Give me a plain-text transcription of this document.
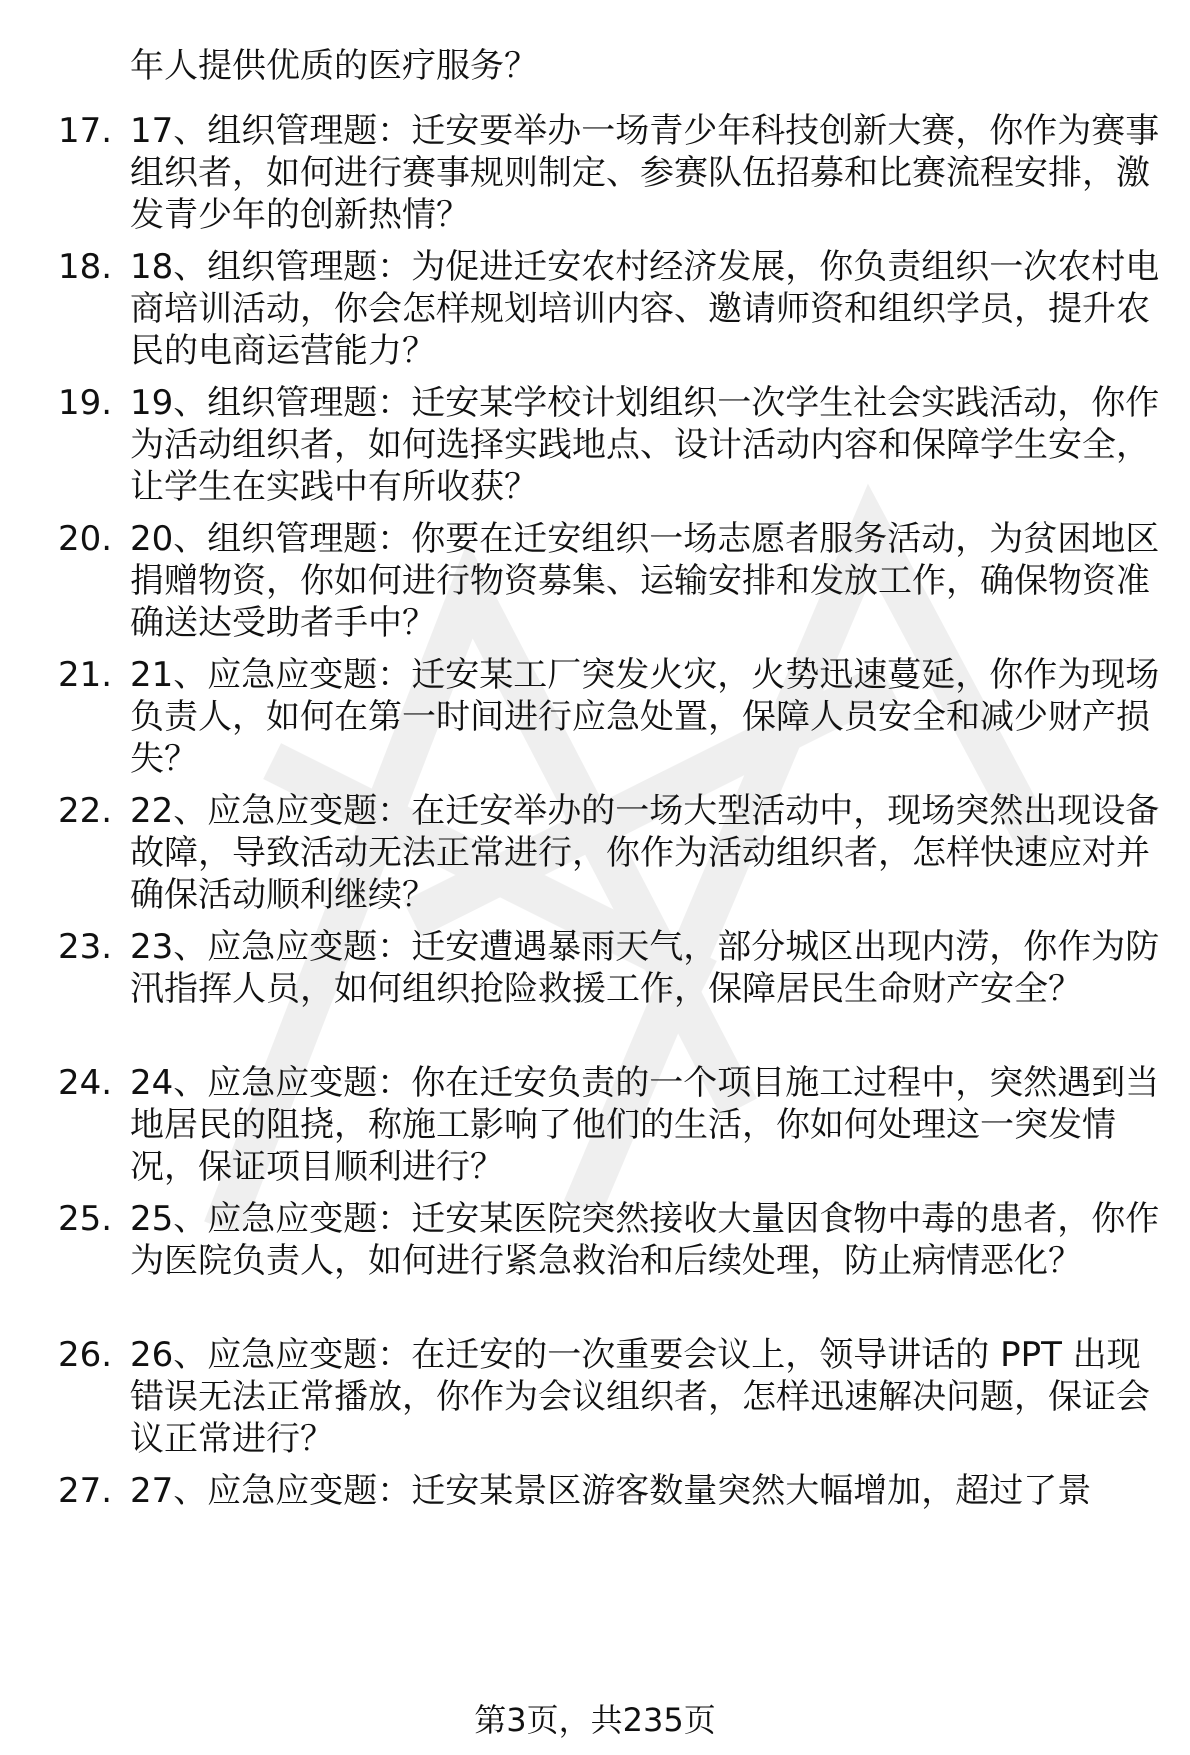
年人提供优质的医疗服务？
17. 17、组织管理题：迁安要举办一场青少年科技创新大赛，你作为赛事组织者，如何进行赛事规则制定、参赛队伍招募和比赛流程安排，激发青少年的创新热情？
18. 18、组织管理题：为促进迁安农村经济发展，你负责组织一次农村电商培训活动，你会怎样规划培训内容、邀请师资和组织学员，提升农民的电商运营能力？
19. 19、组织管理题：迁安某学校计划组织一次学生社会实践活动，你作为活动组织者，如何选择实践地点、设计活动内容和保障学生安全，让学生在实践中有所收获？
20. 20、组织管理题：你要在迁安组织一场志愿者服务活动，为贫困地区捐赠物资，你如何进行物资募集、运输安排和发放工作，确保物资准确送达受助者手中？
21. 21、应急应变题：迁安某工厂突发火灾，火势迅速蔓延，你作为现场负责人，如何在第一时间进行应急处置，保障人员安全和减少财产损失？
22. 22、应急应变题：在迁安举办的一场大型活动中，现场突然出现设备故障，导致活动无法正常进行，你作为活动组织者，怎样快速应对并确保活动顺利继续？
23. 23、应急应变题：迁安遭遇暴雨天气，部分城区出现内涝，你作为防汛指挥人员，如何组织抢险救援工作，保障居民生命财产安全？
24. 24、应急应变题：你在迁安负责的一个项目施工过程中，突然遇到当地居民的阻挠，称施工影响了他们的生活，你如何处理这一突发情况，保证项目顺利进行？
25. 25、应急应变题：迁安某医院突然接收大量因食物中毒的患者，你作为医院负责人，如何进行紧急救治和后续处理，防止病情恶化？
26. 26、应急应变题：在迁安的一次重要会议上，领导讲话的 PPT 出现错误无法正常播放，你作为会议组织者，怎样迅速解决问题，保证会议正常进行？
27. 27、应急应变题：迁安某景区游客数量突然大幅增加，超过了景
第3页，共235页
